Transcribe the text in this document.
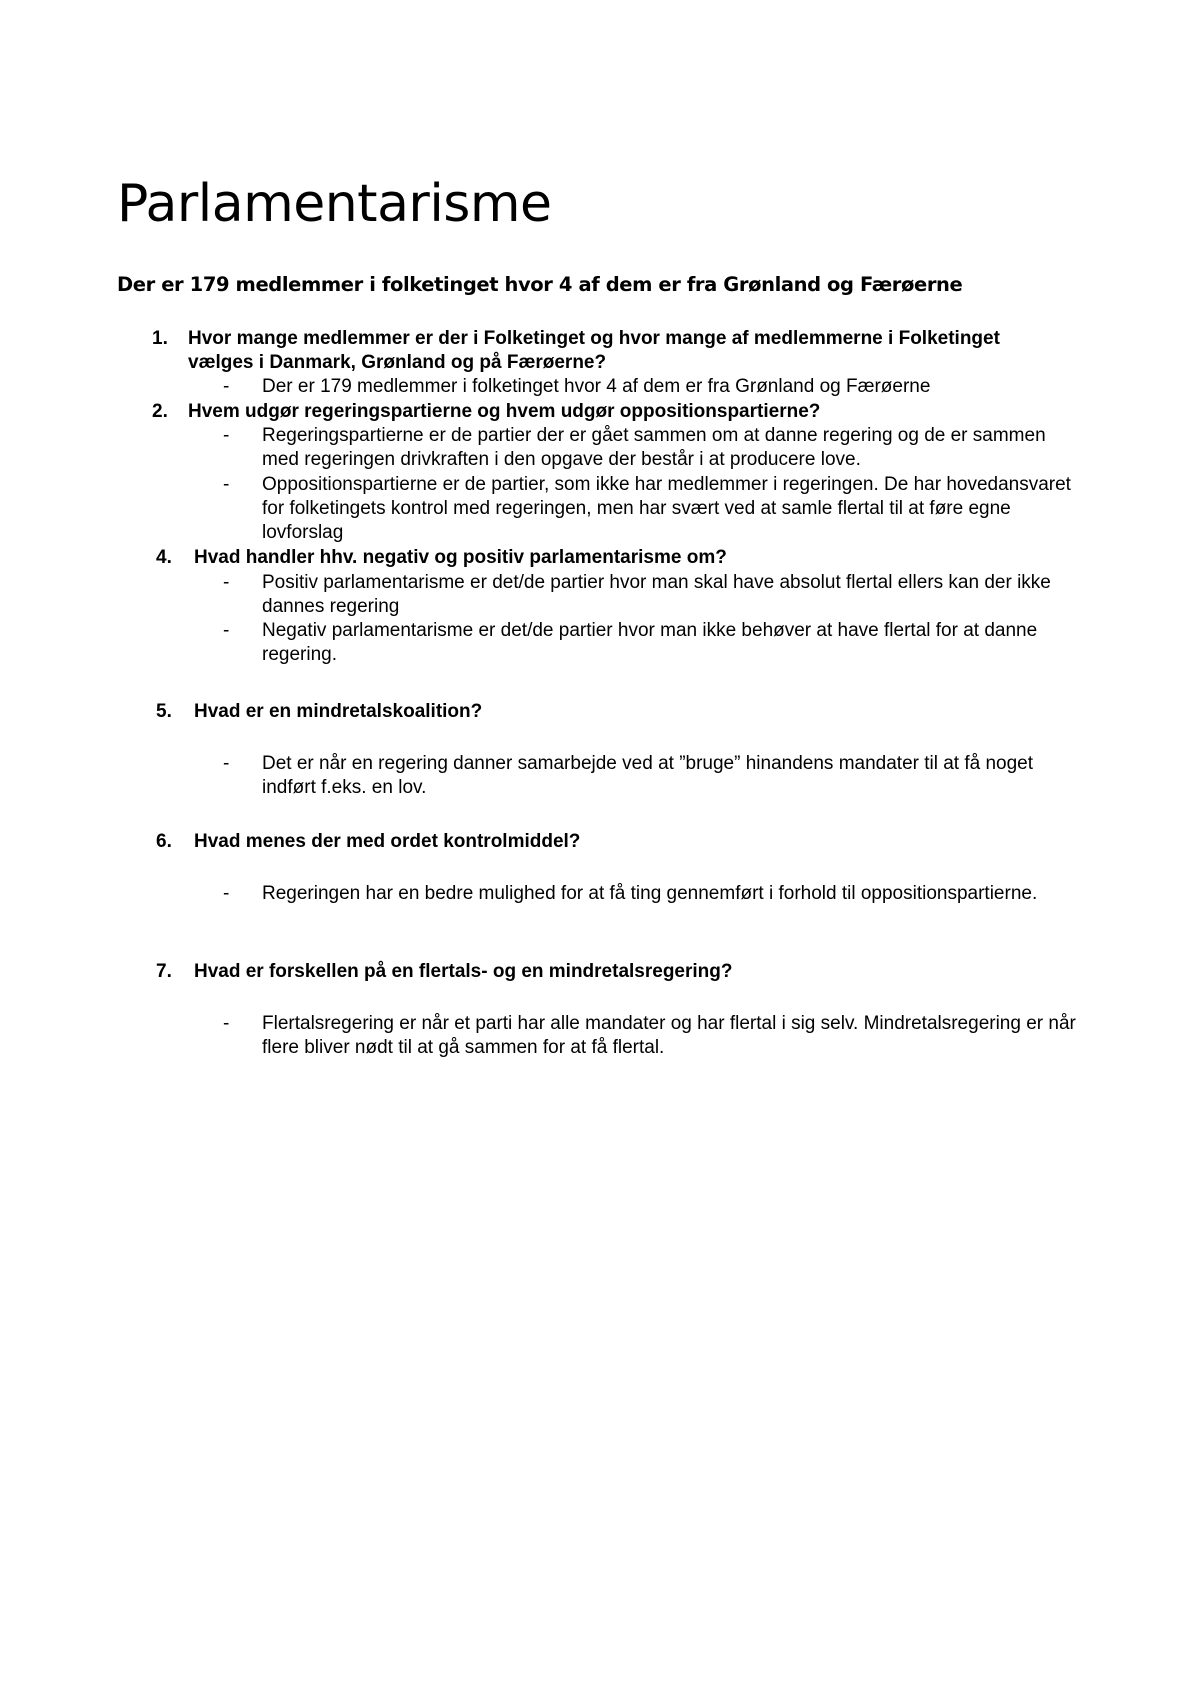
Parlamentarisme

Der er 179 medlemmer i folketinget hvor 4 af dem er fra Grønland og Færøerne

1. Hvor mange medlemmer er der i Folketinget og hvor mange af medlemmerne i Folketinget vælges i Danmark, Grønland og på Færøerne?
- Der er 179 medlemmer i folketinget hvor 4 af dem er fra Grønland og Færøerne
2. Hvem udgør regeringspartierne og hvem udgør oppositionspartierne?
- Regeringspartierne er de partier der er gået sammen om at danne regering og de er sammen med regeringen drivkraften i den opgave der består i at producere love.
- Oppositionspartierne er de partier, som ikke har medlemmer i regeringen. De har hovedansvaret for folketingets kontrol med regeringen, men har svært ved at samle flertal til at føre egne lovforslag
4. Hvad handler hhv. negativ og positiv parlamentarisme om?
- Positiv parlamentarisme er det/de partier hvor man skal have absolut flertal ellers kan der ikke dannes regering
- Negativ parlamentarisme er det/de partier hvor man ikke behøver at have flertal for at danne regering.
5. Hvad er en mindretalskoalition?
- Det er når en regering danner samarbejde ved at ”bruge” hinandens mandater til at få noget indført f.eks. en lov.
6. Hvad menes der med ordet kontrolmiddel?
- Regeringen har en bedre mulighed for at få ting gennemført i forhold til oppositionspartierne.
7. Hvad er forskellen på en flertals- og en mindretalsregering?
- Flertalsregering er når et parti har alle mandater og har flertal i sig selv. Mindretalsregering er når flere bliver nødt til at gå sammen for at få flertal.
